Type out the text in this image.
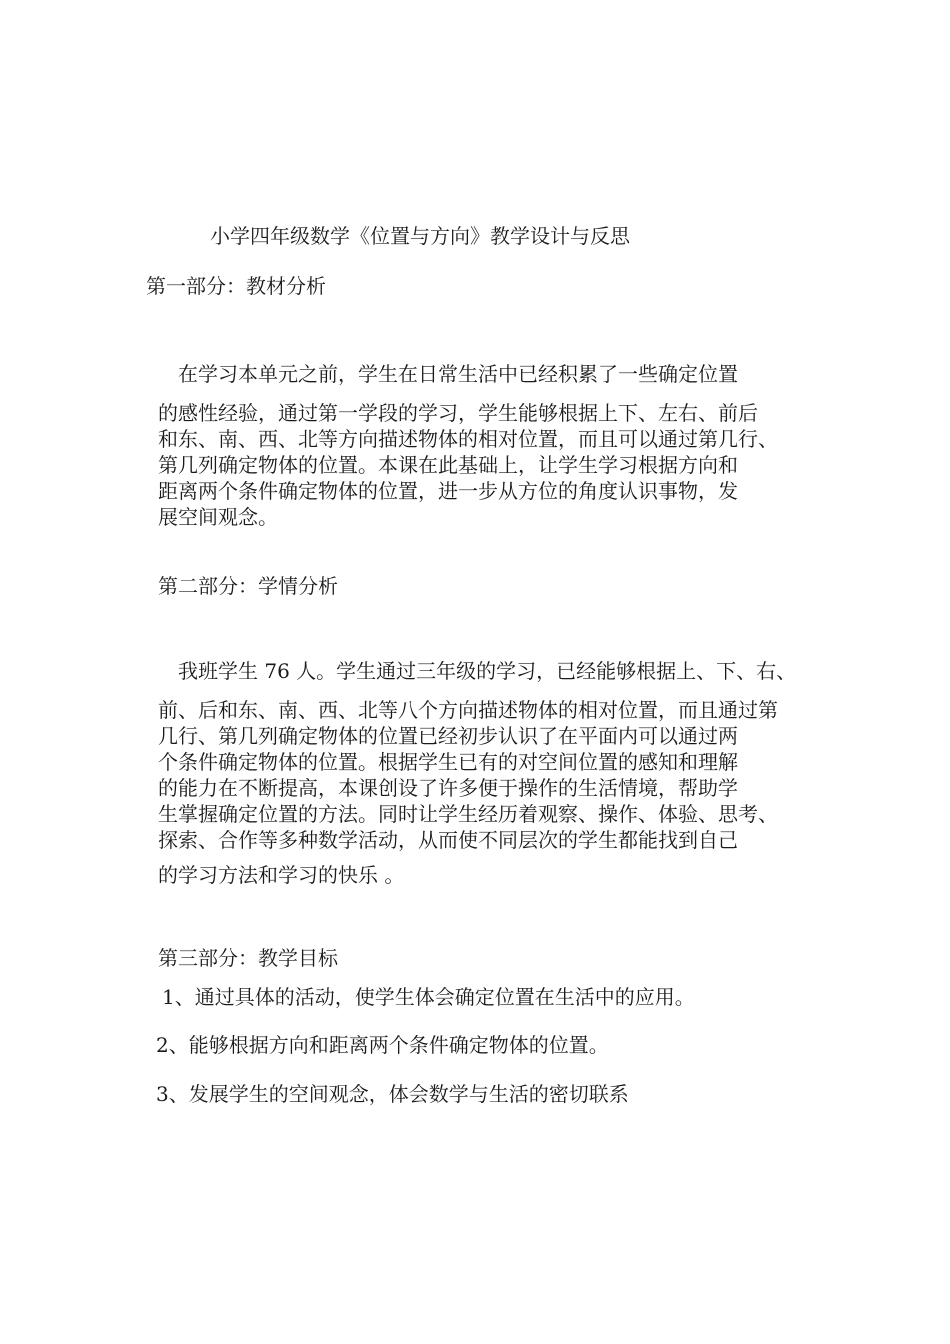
小学四年级数学《位置与方向》教学设计与反思
第一部分：教材分析
在学习本单元之前，学生在日常生活中已经积累了一些确定位置
的感性经验，通过第一学段的学习，学生能够根据上下、左右、前后
和东、南、西、北等方向描述物体的相对位置，而且可以通过第几行、
第几列确定物体的位置。本课在此基础上，让学生学习根据方向和
距离两个条件确定物体的位置，进一步从方位的角度认识事物，发
展空间观念。
第二部分：学情分析
我班学生 76 人。学生通过三年级的学习，已经能够根据上、下、右、
前、后和东、南、西、北等八个方向描述物体的相对位置，而且通过第
几行、第几列确定物体的位置已经初步认识了在平面内可以通过两
个条件确定物体的位置。根据学生已有的对空间位置的感知和理解
的能力在不断提高，本课创设了许多便于操作的生活情境，帮助学
生掌握确定位置的方法。同时让学生经历着观察、操作、体验、思考、
探索、合作等多种数学活动，从而使不同层次的学生都能找到自己
的学习方法和学习的快乐 。
第三部分：教学目标
1、通过具体的活动，使学生体会确定位置在生活中的应用。
2、能够根据方向和距离两个条件确定物体的位置。
3、发展学生的空间观念，体会数学与生活的密切联系
